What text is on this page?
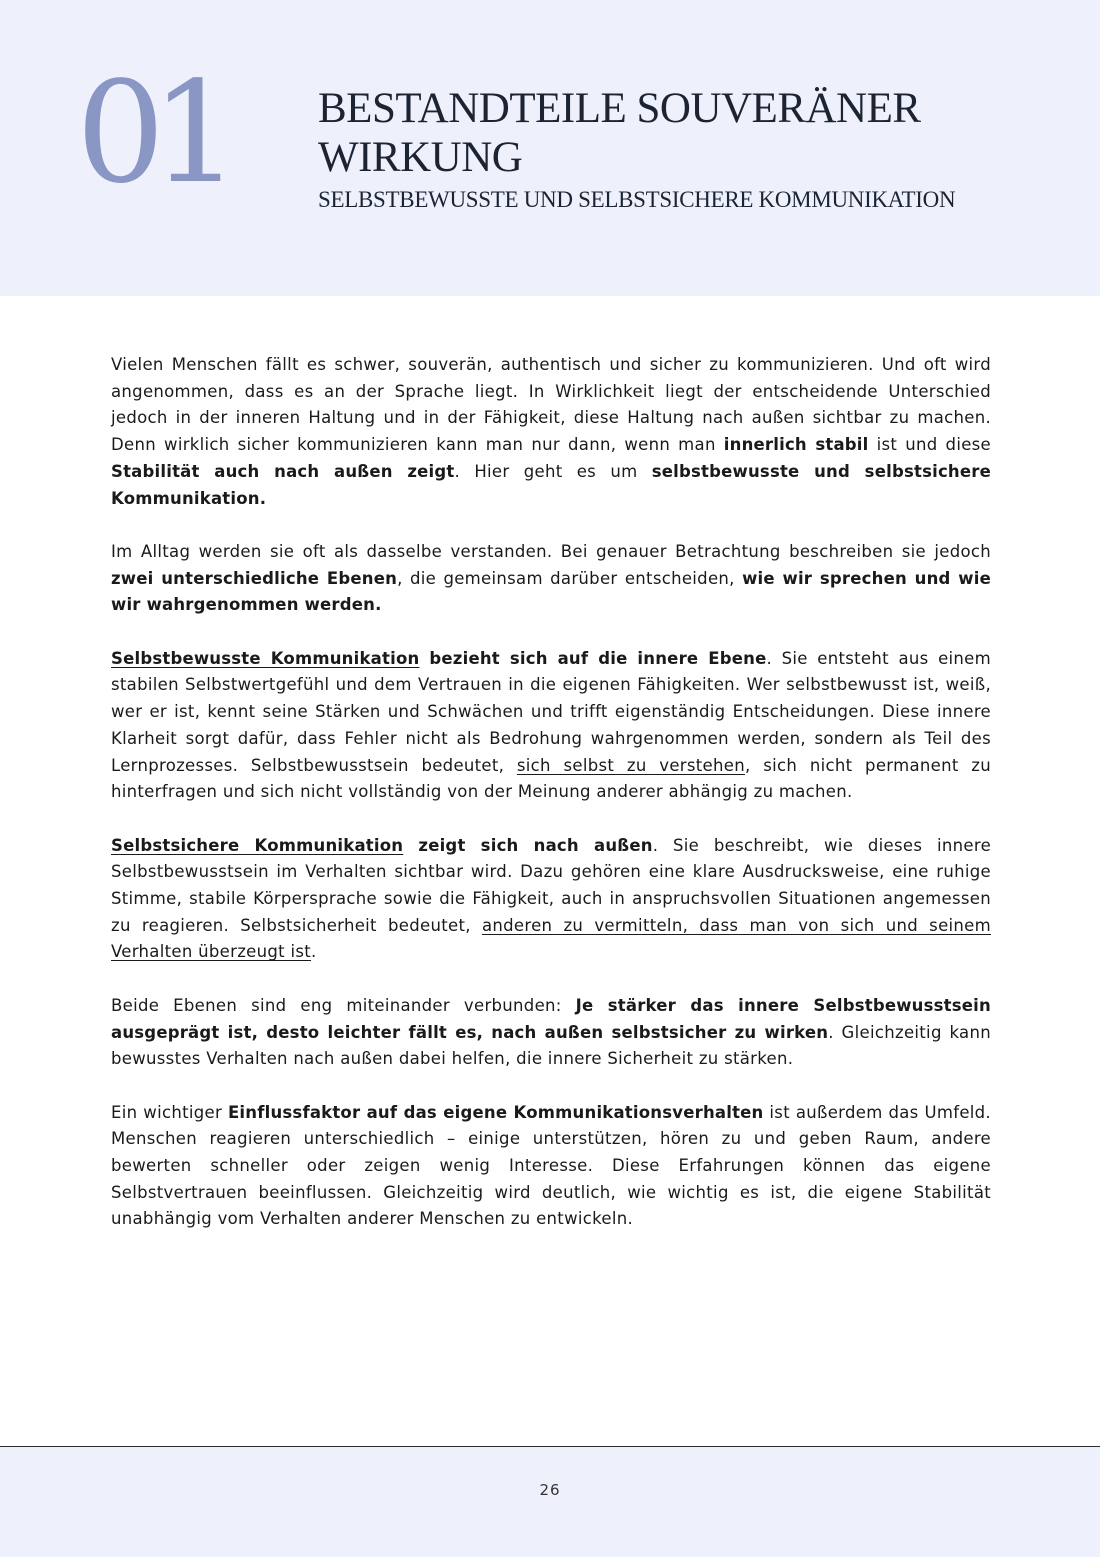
01 BESTANDTEILE SOUVERÄNER
WIRKUNG
SELBSTBEWUSSTE UND SELBSTSICHERE KOMMUNIKATION

Vielen Menschen fällt es schwer, souverän, authentisch und sicher zu kommunizieren. Und oft wird angenommen, dass es an der Sprache liegt. In Wirklichkeit liegt der entscheidende Unterschied jedoch in der inneren Haltung und in der Fähigkeit, diese Haltung nach außen sichtbar zu machen. Denn wirklich sicher kommunizieren kann man nur dann, wenn man innerlich stabil ist und diese Stabilität auch nach außen zeigt. Hier geht es um selbstbewusste und selbstsichere Kommunikation.

Im Alltag werden sie oft als dasselbe verstanden. Bei genauer Betrachtung beschreiben sie jedoch zwei unterschiedliche Ebenen, die gemeinsam darüber entscheiden, wie wir sprechen und wie wir wahrgenommen werden.

Selbstbewusste Kommunikation bezieht sich auf die innere Ebene. Sie entsteht aus einem stabilen Selbstwertgefühl und dem Vertrauen in die eigenen Fähigkeiten. Wer selbstbewusst ist, weiß, wer er ist, kennt seine Stärken und Schwächen und trifft eigenständig Entscheidungen. Diese innere Klarheit sorgt dafür, dass Fehler nicht als Bedrohung wahrgenommen werden, sondern als Teil des Lernprozesses. Selbstbewusstsein bedeutet, sich selbst zu verstehen, sich nicht permanent zu hinterfragen und sich nicht vollständig von der Meinung anderer abhängig zu machen.

Selbstsichere Kommunikation zeigt sich nach außen. Sie beschreibt, wie dieses innere Selbstbewusstsein im Verhalten sichtbar wird. Dazu gehören eine klare Ausdrucksweise, eine ruhige Stimme, stabile Körpersprache sowie die Fähigkeit, auch in anspruchsvollen Situationen angemessen zu reagieren. Selbstsicherheit bedeutet, anderen zu vermitteln, dass man von sich und seinem Verhalten überzeugt ist.

Beide Ebenen sind eng miteinander verbunden: Je stärker das innere Selbstbewusstsein ausgeprägt ist, desto leichter fällt es, nach außen selbstsicher zu wirken. Gleichzeitig kann bewusstes Verhalten nach außen dabei helfen, die innere Sicherheit zu stärken.

Ein wichtiger Einflussfaktor auf das eigene Kommunikationsverhalten ist außerdem das Umfeld. Menschen reagieren unterschiedlich – einige unterstützen, hören zu und geben Raum, andere bewerten schneller oder zeigen wenig Interesse. Diese Erfahrungen können das eigene Selbstvertrauen beeinflussen. Gleichzeitig wird deutlich, wie wichtig es ist, die eigene Stabilität unabhängig vom Verhalten anderer Menschen zu entwickeln.

26
